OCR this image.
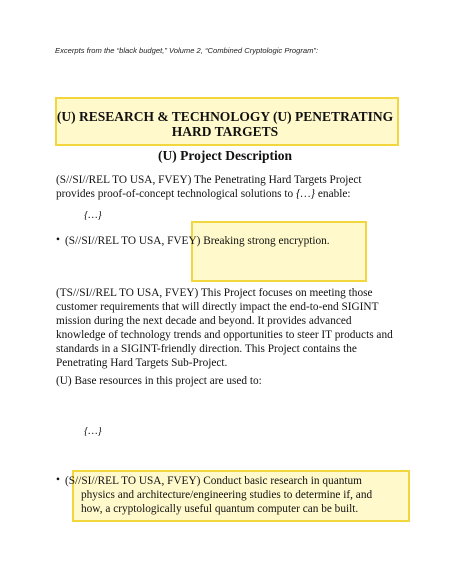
Excerpts from the “black budget,” Volume 2, “Combined Cryptologic Program”:
(U) RESEARCH & TECHNOLOGY (U) PENETRATING
HARD TARGETS
(U) Project Description

(S//SI//REL TO USA, FVEY) The Penetrating Hard Targets Project provides proof-of-concept technological solutions to {…} enable:

{…}
• (S//SI//REL TO USA, FVEY) Breaking strong encryption.

(TS//SI//REL TO USA, FVEY) This Project focuses on meeting those customer requirements that will directly impact the end-to-end SIGINT mission during the next decade and beyond. It provides advanced knowledge of technology trends and opportunities to steer IT products and standards in a SIGINT-friendly direction. This Project contains the Penetrating Hard Targets Sub-Project.

(U) Base resources in this project are used to:

{…}
• (S//SI//REL TO USA, FVEY) Conduct basic research in quantum
physics and architecture/engineering studies to determine if, and how, a cryptologically useful quantum computer can be built.
